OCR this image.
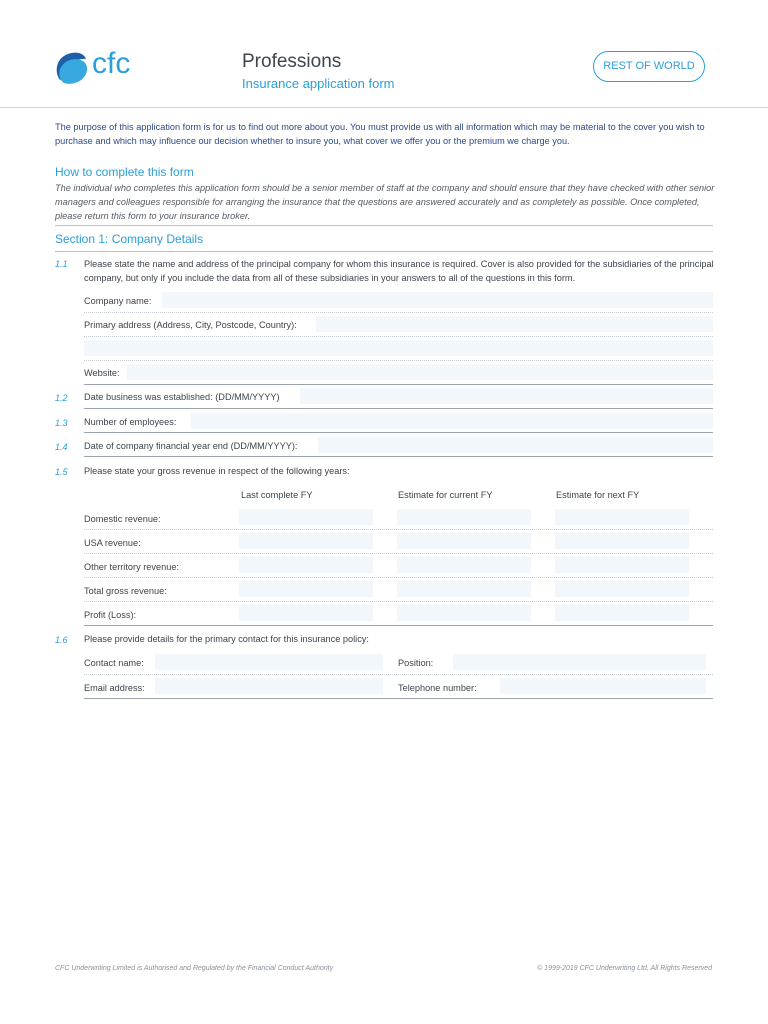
cfc	Professions
Insurance application form
REST OF WORLD
The purpose of this application form is for us to find out more about you. You must provide us with all information which may be material to the cover you wish to purchase and which may influence our decision whether to insure you, what cover we offer you or the premium we charge you.
How to complete this form
The individual who completes this application form should be a senior member of staff at the company and should ensure that they have checked with other senior managers and colleagues responsible for arranging the insurance that the questions are answered accurately and as completely as possible. Once completed, please return this form to your insurance broker.
Section 1: Company Details
1.1 Please state the name and address of the principal company for whom this insurance is required. Cover is also provided for the subsidiaries of the principal company, but only if you include the data from all of these subsidiaries in your answers to all of the questions in this form.
Company name:
Primary address (Address, City, Postcode, Country):
Website:
1.2 Date business was established: (DD/MM/YYYY)
1.3 Number of employees:
1.4 Date of company financial year end (DD/MM/YYYY):
1.5 Please state your gross revenue in respect of the following years:
Last complete FY	Estimate for current FY	Estimate for next FY
Domestic revenue:
USA revenue:
Other territory revenue:
Total gross revenue:
Profit (Loss):
1.6 Please provide details for the primary contact for this insurance policy:
Contact name:	Position:
Email address:	Telephone number:
CFC Underwriting Limited is Authorised and Regulated by the Financial Conduct Authority	© 1999-2019 CFC Underwriting Ltd, All Rights Reserved
